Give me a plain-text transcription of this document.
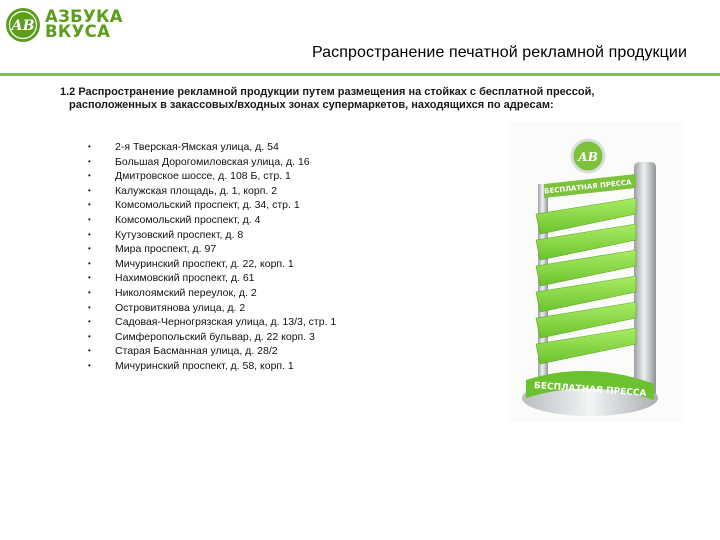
АВ АЗБУКА
ВКУСА
Распространение печатной рекламной продукции
1.2 Распространение рекламной продукции путем размещения на стойках с бесплатной прессой,
расположенных в закассовых/входных зонах супермаркетов, находящихся по адресам:
• 2-я Тверская-Ямская улица, д. 54
• Большая Дорогомиловская улица, д. 16
• Дмитровское шоссе, д. 108 Б, стр. 1
• Калужская площадь, д. 1, корп. 2
• Комсомольский проспект, д. 34, стр. 1
• Комсомольский проспект, д. 4
• Кутузовский проспект, д. 8
• Мира проспект, д. 97
• Мичуринский проспект, д. 22, корп. 1
• Нахимовский проспект, д. 61
• Николоямский переулок, д. 2
• Островитянова улица, д. 2
• Садовая-Черногрязская улица, д. 13/3, стр. 1
• Симферопольский бульвар, д. 22 корп. 3
• Старая Басманная улица, д. 28/2
• Мичуринский проспект, д. 58, корп. 1
БЕСПЛАТНАЯ ПРЕССА
АВ
БЕСПЛАТНАЯ ПРЕССА
